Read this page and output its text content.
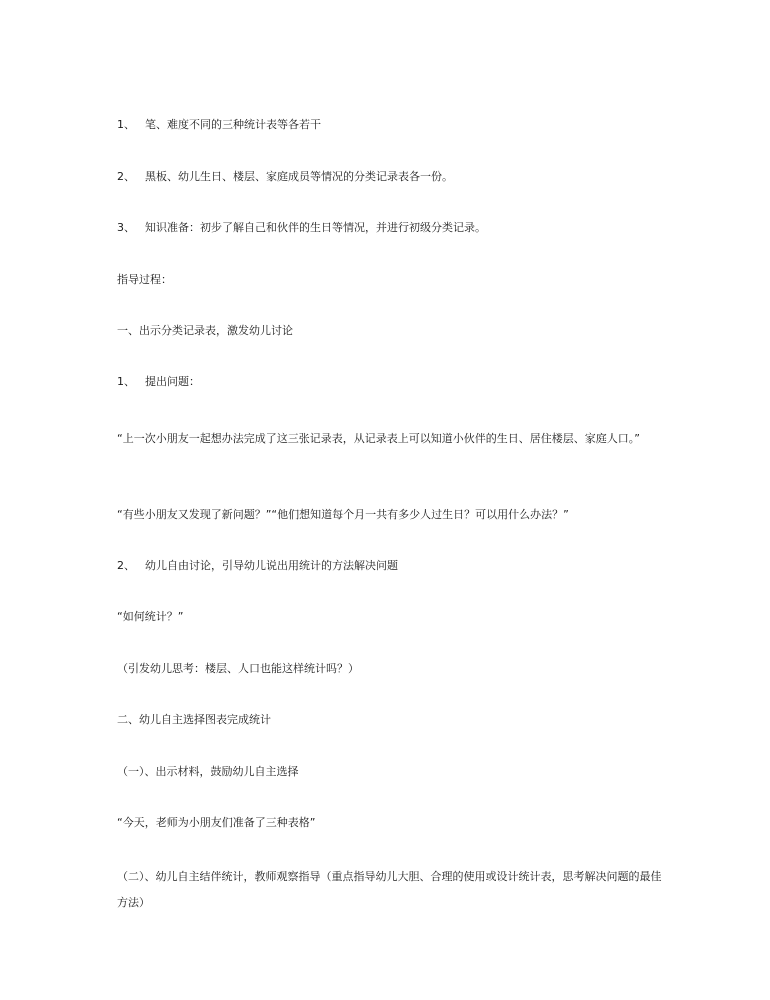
1、 笔、难度不同的三种统计表等各若干

2、 黑板、幼儿生日、楼层、家庭成员等情况的分类记录表各一份。

3、 知识准备：初步了解自己和伙伴的生日等情况，并进行初级分类记录。

指导过程：

一、出示分类记录表，激发幼儿讨论

1、 提出问题：

“上一次小朋友一起想办法完成了这三张记录表，从记录表上可以知道小伙伴的生日、居住楼层、家庭人口。”

“有些小朋友又发现了新问题？”“他们想知道每个月一共有多少人过生日？可以用什么办法？”

2、 幼儿自由讨论，引导幼儿说出用统计的方法解决问题

“如何统计？”

（引发幼儿思考：楼层、人口也能这样统计吗？）

二、幼儿自主选择图表完成统计

（一）、出示材料，鼓励幼儿自主选择

“今天，老师为小朋友们准备了三种表格”

（二）、幼儿自主结伴统计，教师观察指导（重点指导幼儿大胆、合理的使用或设计统计表，思考解决问题的最佳方法）
